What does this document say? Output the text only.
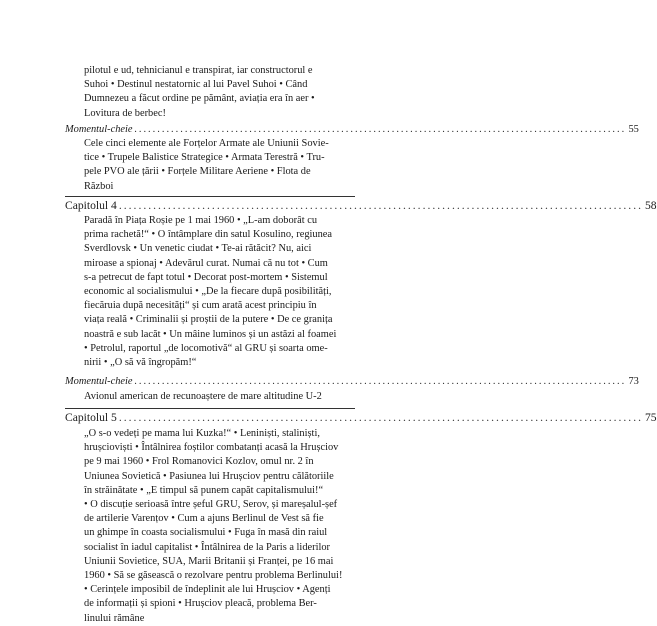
pilotul e ud, tehnicianul e transpirat, iar constructorul e
Suhoi • Destinul nestatornic al lui Pavel Suhoi • Când
Dumnezeu a făcut ordine pe pământ, aviația era în aer •
Lovitura de berbec!
Momentul-cheie ........................................................................................................... 55
Cele cinci elemente ale Forțelor Armate ale Uniunii Sovie-
tice • Trupele Balistice Strategice • Armata Terestră • Tru-
pele PVO ale țării • Forțele Militare Aeriene • Flota de
Război
Capitolul 4 ........................................................................................................... 58
Paradă în Piața Roșie pe 1 mai 1960 • „L-am doborât cu
prima rachetă!“ • O întâmplare din satul Kosulino, regiunea
Sverdlovsk • Un venetic ciudat • Te-ai rătăcit? Nu, aici
miroase a spionaj • Adevărul curat. Numai că nu tot • Cum
s-a petrecut de fapt totul • Decorat post-mortem • Sistemul
economic al socialismului • „De la fiecare după posibilități,
fiecăruia după necesități“ și cum arată acest principiu în
viața reală • Criminalii și proștii de la putere • De ce granița
noastră e sub lacăt • Un mâine luminos și un astăzi al foamei
• Petrolul, raportul „de locomotivă“ al GRU și soarta ome-
nirii • „O să vă îngropăm!“
Momentul-cheie ........................................................................................................... 73
Avionul american de recunoaștere de mare altitudine U-2
Capitolul 5 ........................................................................................................... 75
„O s-o vedeți pe mama lui Kuzka!“ • Leniniști, staliniști,
hrușcioviști • Întâlnirea foștilor combatanți acasă la Hrușciov
pe 9 mai 1960 • Frol Romanovici Kozlov, omul nr. 2 în
Uniunea Sovietică • Pasiunea lui Hrușciov pentru călătoriile
în străinătate • „E timpul să punem capăt capitalismului!“
• O discuție serioasă între șeful GRU, Serov, și mareșalul-șef
de artilerie Varențov • Cum a ajuns Berlinul de Vest să fie
un ghimpe în coasta socialismului • Fuga în masă din raiul
socialist în iadul capitalist • Întâlnirea de la Paris a liderilor
Uniunii Sovietice, SUA, Marii Britanii și Franței, pe 16 mai
1960 • Să se găsească o rezolvare pentru problema Berlinului!
• Cerințele imposibil de îndeplinit ale lui Hrușciov • Agenți
de informații și spioni • Hrușciov pleacă, problema Ber-
linului rămâne
